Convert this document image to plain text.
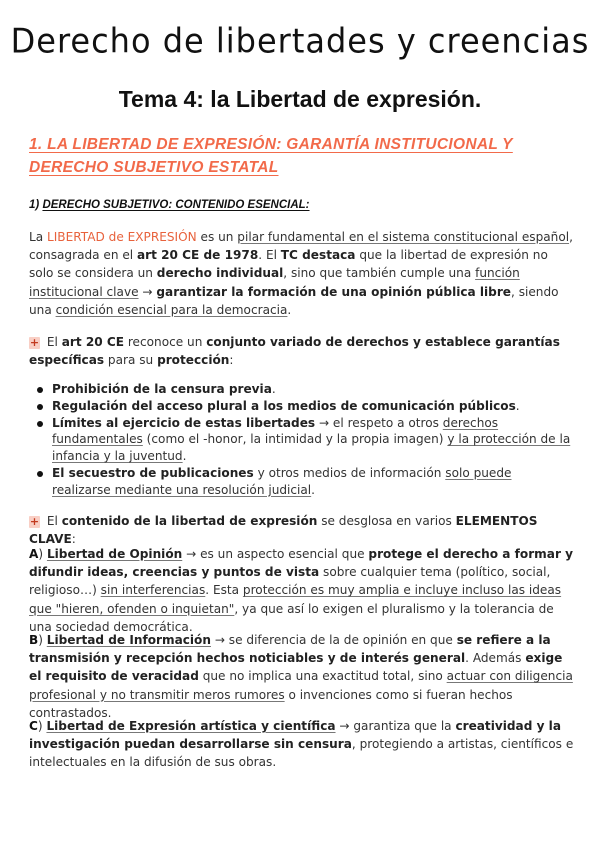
Derecho de libertades y creencias
Tema 4: la Libertad de expresión.
1. LA LIBERTAD DE EXPRESIÓN: GARANTÍA INSTITUCIONAL Y DERECHO SUBJETIVO ESTATAL
1) DERECHO SUBJETIVO: CONTENIDO ESENCIAL:
La LIBERTAD de EXPRESIÓN es un pilar fundamental en el sistema constitucional español, consagrada en el art 20 CE de 1978. El TC destaca que la libertad de expresión no solo se considera un derecho individual, sino que también cumple una función institucional clave → garantizar la formación de una opinión pública libre, siendo una condición esencial para la democracia.
+ El art 20 CE reconoce un conjunto variado de derechos y establece garantías específicas para su protección:
Prohibición de la censura previa.
Regulación del acceso plural a los medios de comunicación públicos.
Límites al ejercicio de estas libertades → el respeto a otros derechos fundamentales (como el -honor, la intimidad y la propia imagen) y la protección de la infancia y la juventud.
El secuestro de publicaciones y otros medios de información solo puede realizarse mediante una resolución judicial.
+ El contenido de la libertad de expresión se desglosa en varios ELEMENTOS CLAVE:
A) Libertad de Opinión → es un aspecto esencial que protege el derecho a formar y difundir ideas, creencias y puntos de vista sobre cualquier tema (político, social, religioso…) sin interferencias. Esta protección es muy amplia e incluye incluso las ideas que "hieren, ofenden o inquietan", ya que así lo exigen el pluralismo y la tolerancia de una sociedad democrática.
B) Libertad de Información → se diferencia de la de opinión en que se refiere a la transmisión y recepción hechos noticiables y de interés general. Además exige el requisito de veracidad que no implica una exactitud total, sino actuar con diligencia profesional y no transmitir meros rumores o invenciones como si fueran hechos contrastados.
C) Libertad de Expresión artística y científica → garantiza que la creatividad y la investigación puedan desarrollarse sin censura, protegiendo a artistas, científicos e intelectuales en la difusión de sus obras.
